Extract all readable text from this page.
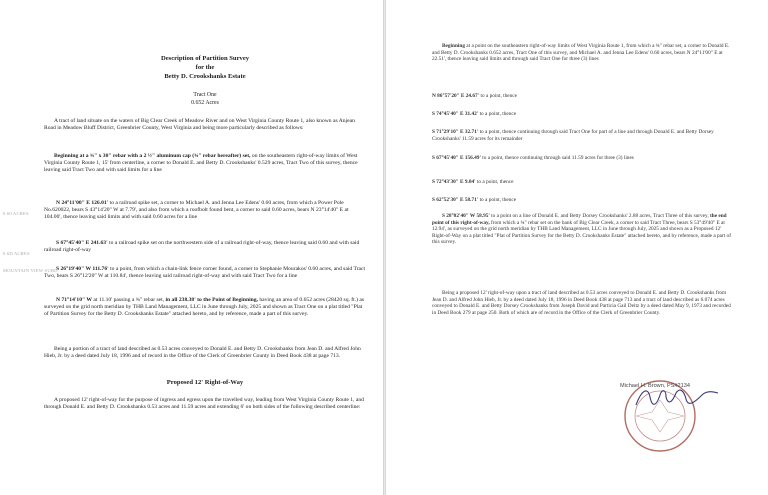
Description of Partition Survey

for the

Betty D. Crookshanks Estate

Tract One

0.652 Acres

A tract of land situate on the waters of Big Clear Creek of Meadow River and on West Virginia County Route 1, also known as Anjean Road in Meadow Bluff District, Greenbrier County, West Virginia and being more particularly described as follows:

Beginning at a ¾" x 30" rebar with a 2 ½" aluminum cap (¾" rebar hereafter) set, on the southeastern right-of-way limits of West Virginia County Route 1, 15' from centerline, a corner to Donald E. and Betty D. Crookshanks' 0.529 acres, Tract Two of this survey, thence leaving said Tract Two and with said limits for a line

N 24°11'00" E 126.01' to a railroad spike set, a corner to Michael A. and Jenna Lee Edens' 0.60 acres, from which a Power Pole No.620022, bears S 43°14'20" W at 7.79', and also from which a roofbolt found bent, a corner to said 0.60 acres, bears N 23°14'40" E at 104.00', thence leaving said limits and with said 0.60 acres for a line

S 67°45'40" E 241.63' to a railroad spike set on the northwestern side of a railroad right-of-way, thence leaving said 0.60 and with said railroad right-of-way

S 26°19'40" W 111.76' to a point, from which a chain-link fence corner found, a corner to Stephanie Mourakos' 0.60 acres, and said Tract Two, bears S 26°12'20" W at 110.84', thence leaving said railroad right-of-way and with said Tract Two for a line

N 71°14'10" W at 11.10' passing a ¾" rebar set, in all 238.38' to the Point of Beginning, having an area of 0.652 acres (28420 sq. ft.) as surveyed on the grid north meridian by THB Land Management, LLC in June through July, 2025 and shown as Tract One on a plat titled "Plat of Partition Survey for the Betty D. Crookshanks Estate" attached hereto, and by reference, made a part of this survey.

Being a portion of a tract of land described as 0.53 acres conveyed to Donald E. and Betty D. Crookshanks from Jean D. and Alfred John Hieb, Jr. by a deed dated July 18, 1996 and of record in the Office of the Clerk of Greenbrier County in Deed Book 438 at page 713.

Proposed 12' Right-of-Way

A proposed 12' right-of-way for the purpose of ingress and egress upon the travelled way, leading from West Virginia County Route 1, and through Donald E. and Betty D. Crookshanks 0.53 acres and 11.59 acres and extending 6' on both sides of the following described centerline:

0.60 ACRES
0.6D ACRES
MOUNTAIN VIEW SUBD.

Beginning at a point on the southeastern right-of-way limits of West Virginia Route 1, from which a ¾" rebar set, a corner to Donald E. and Betty D. Crookshanks 0.652 acres, Tract One of this survey, and Michael A. and Jenna Lee Edens' 0.60 acres, bears N 24°11'00" E at 22.51', thence leaving said limits and through said Tract One for three (3) lines

N 86°57'20" E 24.67' to a point, thence

S 74°45'40" E 31.42' to a point, thence

S 71°29'10" E 32.71' to a point, thence continuing through said Tract One for part of a line and through Donald E. and Betty Dorsey Crookshanks' 11.59 acres for its remainder

S 67°45'40" E 156.49' to a point, thence continuing through said 11.59 acres for three (3) lines

S 72°43'30" E 9.84' to a point, thence

S 62°52'30" E 58.71' to a point, thence

S 28°02'40" W 58.95' to a point on a line of Donald E. and Betty Dorsey Crookshanks' 2.88 acres, Tract Three of this survey, the end point of this right-of-way, from which a ¾" rebar set on the bank of Big Clear Creek, a corner to said Tract Three, bears S 53°49'40" E at 12.94', as surveyed on the grid north meridian by THB Land Management, LLC in June through July, 2025 and shown as a Proposed 12' Right-of-Way on a plat titled "Plat of Partition Survey for the Betty D. Crookshanks Estate" attached hereto, and by reference, made a part of this survey.

Being a proposed 12' right-of-way upon a tract of land described as 0.53 acres conveyed to Donald E. and Betty D. Crookshanks from Jean D. and Alfred John Hieb, Jr. by a deed dated July 18, 1996 in Deed Book 438 at page 713 and a tract of land described as 6.074 acres conveyed to Donald E. and Betty Dorsey Crookshanks from Joseph David and Particia Gail Deitz by a deed dated May 9, 1973 and recorded in Deed Book 279 at page 250. Both of which are of record in the Office of the Clerk of Greenbrier County.

Michael H. Brown, PS#2134
